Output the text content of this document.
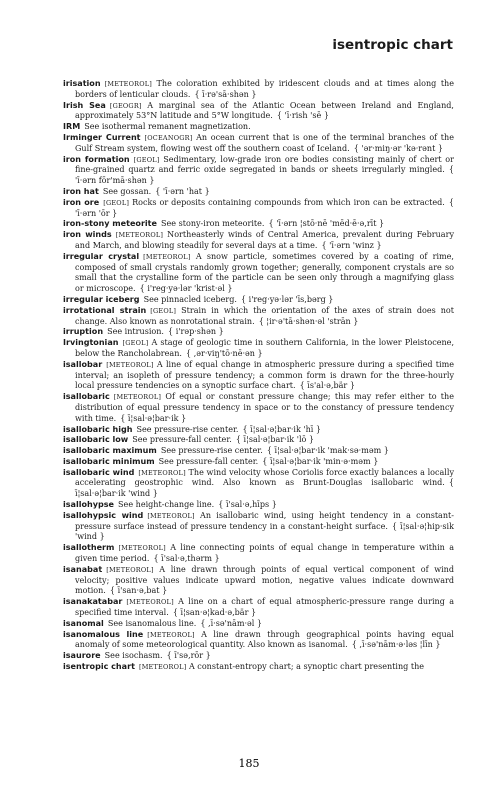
isentropic chart
irisation  [METEOROL] The coloration exhibited by iridescent clouds and at times along the borders of lenticular clouds.  { ī·rə'sā·shən }
Irish Sea  [GEOGR] A marginal sea of the Atlantic Ocean between Ireland and England, approximately 53°N latitude and 5°W longitude.  { 'ī·rish 'sē }
IRM  See isothermal remanent magnetization.
Irminger Current  [OCEANOGR] An ocean current that is one of the terminal branches of the Gulf Stream system, flowing west off the southern coast of Iceland.  { 'ər·miŋ·ər 'kə·rənt }
iron formation  [GEOL] Sedimentary, low-grade iron ore bodies consisting mainly of chert or fine-grained quartz and ferric oxide segregated in bands or sheets irregularly mingled.  { 'ī·ərn fōr'mā·shən }
iron hat  See gossan.  { 'ī·ərn 'hat }
iron ore  [GEOL] Rocks or deposits containing compounds from which iron can be extracted.  { 'ī·ərn 'ōr }
iron-stony meteorite  See stony-iron meteorite.  { 'ī·ərn ¦stō·nē 'mēd·ē·ə‚rīt }
iron winds  [METEOROL] Northeasterly winds of Central America, prevalent during February and March, and blowing steadily for several days at a time.  { 'ī·ərn 'winz }
irregular crystal  [METEOROL] A snow particle, sometimes covered by a coating of rime, composed of small crystals randomly grown together; generally, component crystals are so small that the crystalline form of the particle can be seen only through a magnifying glass or microscope.  { i'reg·yə·lər 'krist·əl }
irregular iceberg  See pinnacled iceberg.  { i'reg·yə·lər 'īs‚bərg }
irrotational strain  [GEOL] Strain in which the orientation of the axes of strain does not change. Also known as nonrotational strain.  { ¦ir·ə'tā·shən·əl 'strān }
irruption  See intrusion.  { i'rəp·shən }
Irvingtonian  [GEOL] A stage of geologic time in southern California, in the lower Pleistocene, below the Rancholabrean.  { ‚ər·viŋ'tō·nē·ən }
isallobar  [METEOROL] A line of equal change in atmospheric pressure during a specified time interval; an isopleth of pressure tendency; a common form is drawn for the three-hourly local pressure tendencies on a synoptic surface chart.  { īs'al·ə‚bär }
isallobaric  [METEOROL] Of equal or constant pressure change; this may refer either to the distribution of equal pressure tendency in space or to the constancy of pressure tendency with time.  { ī¦sal·ə¦bar·ik }
isallobaric high  See pressure-rise center.  { ī¦sal·ə¦bar·ik 'hī }
isallobaric low  See pressure-fall center.  { ī¦sal·ə¦bar·ik 'lō }
isallobaric maximum  See pressure-rise center.  { ī¦sal·ə¦bar·ik 'mak·sə·məm }
isallobaric minimum  See pressure-fall center.  { ī¦sal·ə¦bar·ik 'min·ə·məm }
isallobaric wind  [METEOROL] The wind velocity whose Coriolis force exactly balances a locally accelerating geostrophic wind. Also known as Brunt-Douglas isallobaric wind.  { ī¦sal·ə¦bar·ik 'wind }
isallohypse  See height-change line.  { ī'sal·ə‚hīps }
isallohypsic wind  [METEOROL] An isallobaric wind, using height tendency in a constant-pressure surface instead of pressure tendency in a constant-height surface.  { ī¦sal·ə¦hip·sik 'wind }
isallotherm  [METEOROL] A line connecting points of equal change in temperature within a given time period.  { ī'sal·ə‚thərm }
isanabat  [METEOROL] A line drawn through points of equal vertical component of wind velocity; positive values indicate upward motion, negative values indicate downward motion.  { ī'san·ə‚bat }
isanakatabar  [METEOROL] A line on a chart of equal atmospheric-pressure range during a specified time interval.  { ī¦san·ə¦kad·ə‚bär }
isanomal  See isanomalous line.  { ‚ī·sə'nām·əl }
isanomalous line  [METEOROL] A line drawn through geographical points having equal anomaly of some meteorological quantity. Also known as isanomal.  { ‚ī·sə'nām·ə·ləs ¦līn }
isaurore  See isochasm.  { ī'sə‚rōr }
isentropic chart  [METEOROL] A constant-entropy chart; a synoptic chart presenting the
185
